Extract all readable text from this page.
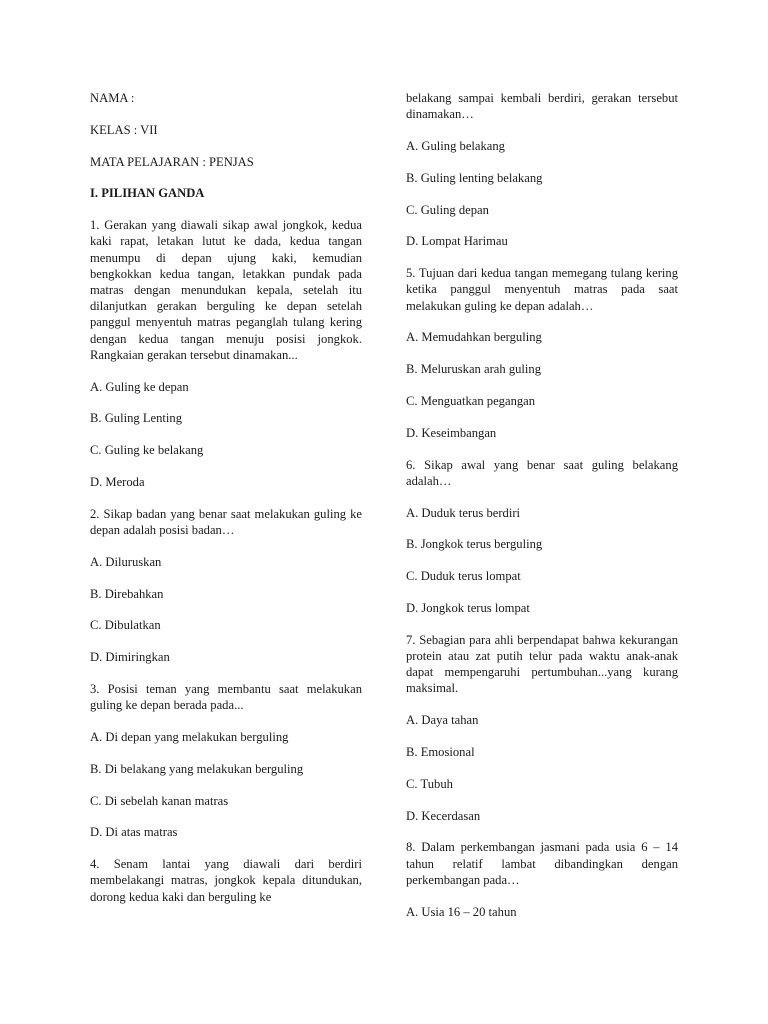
NAMA :

KELAS : VII

MATA PELAJARAN : PENJAS

I. PILIHAN GANDA

1. Gerakan yang diawali sikap awal jongkok, kedua kaki rapat, letakan lutut ke dada, kedua tangan menumpu di depan ujung kaki, kemudian bengkokkan kedua tangan, letakkan pundak pada matras dengan menundukan kepala, setelah itu dilanjutkan gerakan berguling ke depan setelah panggul menyentuh matras peganglah tulang kering dengan kedua tangan menuju posisi jongkok. Rangkaian gerakan tersebut dinamakan...

A. Guling ke depan

B. Guling Lenting

C. Guling ke belakang

D. Meroda

2. Sikap badan yang benar saat melakukan guling ke depan adalah posisi badan…

A. Diluruskan

B. Direbahkan

C. Dibulatkan

D. Dimiringkan

3. Posisi teman yang membantu saat melakukan guling ke depan berada pada...

A. Di depan yang melakukan berguling

B. Di belakang yang melakukan berguling

C. Di sebelah kanan matras

D. Di atas matras

4. Senam lantai yang diawali dari berdiri membelakangi matras, jongkok kepala ditundukan, dorong kedua kaki dan berguling ke

belakang sampai kembali berdiri, gerakan tersebut dinamakan…

A. Guling belakang

B. Guling lenting belakang

C. Guling depan

D. Lompat Harimau

5. Tujuan dari kedua tangan memegang tulang kering ketika panggul menyentuh matras pada saat melakukan guling ke depan adalah…

A. Memudahkan berguling

B. Meluruskan arah guling

C. Menguatkan pegangan

D. Keseimbangan

6. Sikap awal yang benar saat guling belakang adalah…

A. Duduk terus berdiri

B. Jongkok terus berguling

C. Duduk terus lompat

D. Jongkok terus lompat

7. Sebagian para ahli berpendapat bahwa kekurangan protein atau zat putih telur pada waktu anak-anak dapat mempengaruhi pertumbuhan...yang kurang maksimal.

A. Daya tahan

B. Emosional

C. Tubuh

D. Kecerdasan

8. Dalam perkembangan jasmani pada usia 6 – 14 tahun relatif lambat dibandingkan dengan perkembangan pada…

A. Usia 16 – 20 tahun
